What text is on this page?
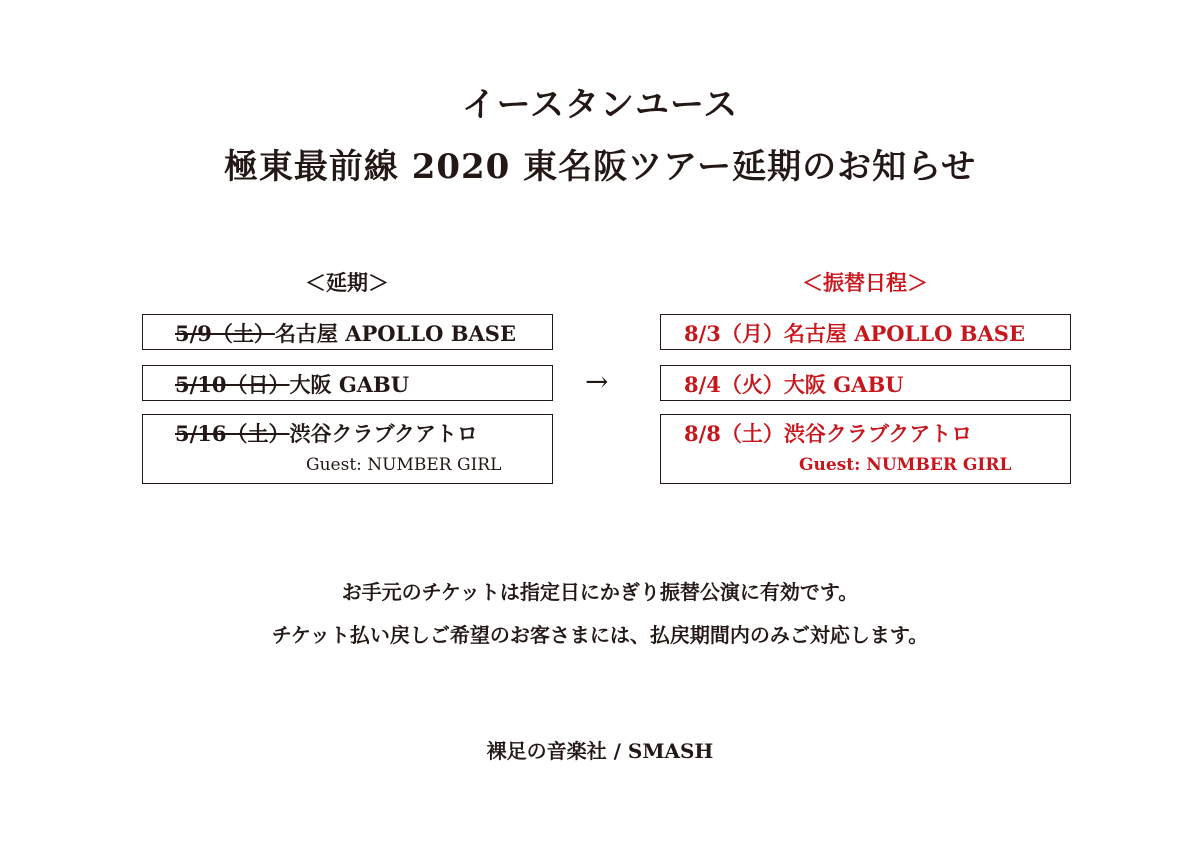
イースタンユース
極東最前線 2020 東名阪ツアー延期のお知らせ
＜延期＞	＜振替日程＞
5/9（土）名古屋 APOLLO BASE
5/10（日）大阪 GABU
5/16（土）渋谷クラブクアトロ
Guest: NUMBER GIRL
→
8/3（月）名古屋 APOLLO BASE
8/4（火）大阪 GABU
8/8（土）渋谷クラブクアトロ
Guest: NUMBER GIRL
お手元のチケットは指定日にかぎり振替公演に有効です。
チケット払い戻しご希望のお客さまには、払戻期間内のみご対応します。
裸足の音楽社 / SMASH
